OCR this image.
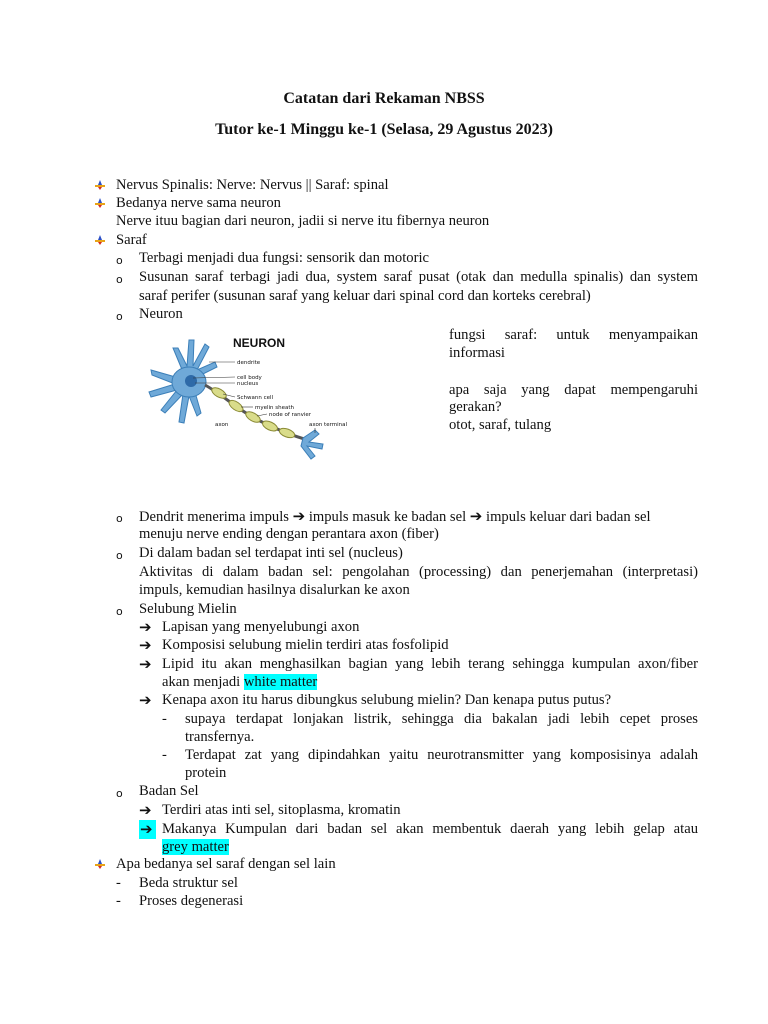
Catatan dari Rekaman NBSS
Tutor ke-1 Minggu ke-1 (Selasa, 29 Agustus 2023)
Nervus Spinalis: Nerve: Nervus || Saraf: spinal
Bedanya nerve sama neuron
Nerve ituu bagian dari neuron, jadii si nerve itu fibernya neuron
Saraf
o Terbagi menjadi dua fungsi: sensorik dan motoric
o Susunan saraf terbagi jadi dua, system saraf pusat (otak dan medulla spinalis) dan system
saraf perifer (susunan saraf yang keluar dari spinal cord dan korteks cerebral)
o Neuron
NEURON
dendrite
cell body
nucleus
Schwann cell
myelin sheath
node of ranvier
axon	axon terminal
fungsi saraf: untuk menyampaikan
informasi
apa saja yang dapat mempengaruhi
gerakan?
otot, saraf, tulang
o Dendrit menerima impuls ➔ impuls masuk ke badan sel ➔ impuls keluar dari badan sel
menuju nerve ending dengan perantara axon (fiber)
o Di dalam badan sel terdapat inti sel (nucleus)
Aktivitas di dalam badan sel: pengolahan (processing) dan penerjemahan (interpretasi)
impuls, kemudian hasilnya disalurkan ke axon
o Selubung Mielin
➔ Lapisan yang menyelubungi axon
➔ Komposisi selubung mielin terdiri atas fosfolipid
➔ Lipid itu akan menghasilkan bagian yang lebih terang sehingga kumpulan axon/fiber
akan menjadi white matter
➔ Kenapa axon itu harus dibungkus selubung mielin? Dan kenapa putus putus?
- supaya terdapat lonjakan listrik, sehingga dia bakalan jadi lebih cepet proses
transfernya.
- Terdapat zat yang dipindahkan yaitu neurotransmitter yang komposisinya adalah
protein
o Badan Sel
➔ Terdiri atas inti sel, sitoplasma, kromatin
➔ Makanya Kumpulan dari badan sel akan membentuk daerah yang lebih gelap atau
grey matter
Apa bedanya sel saraf dengan sel lain
- Beda struktur sel
- Proses degenerasi
